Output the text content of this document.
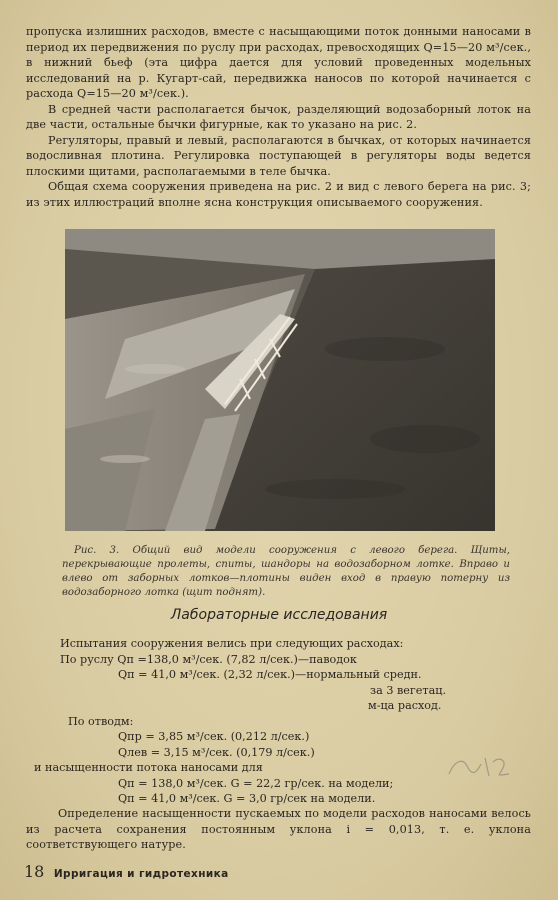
пропуска излишних расходов, вместе с насыщающими поток донными наносами в период их передвижения по руслу при расходах, превосходящих Q=15—20 м³/сек., в нижний бьеф (эта цифра дается для условий проведенных модельных исследований на р. Кугарт-сай, передвижка наносов по которой начинается с расхода Q=15—20 м³/сек.).

В средней части располагается бычок, разделяющий водозаборный лоток на две части, остальные бычки фигурные, как то указано на рис. 2.

Регуляторы, правый и левый, располагаются в бычках, от которых начинается водосливная плотина. Регулировка поступающей в регуляторы воды ведется плоскими щитами, располагаемыми в теле бычка.

Общая схема сооружения приведена на рис. 2 и вид с левого берега на рис. 3; из этих иллюстраций вполне ясна конструкция описываемого сооружения.

Рис. 3. Общий вид модели сооружения с левого берега. Щиты, перекрывающие пролеты, спиты, шандоры на водозаборном лотке. Вправо и влево от заборных лотков—плотины виден вход в правую потерну из водозаборного лотка (щит поднят).

Лабораторные исследования
Испытания сооружения велись при следующих расходах:
По руслу Qп =138,0 м³/сек. (7,82 л/сек.)—паводок
Qп = 41,0 м³/сек. (2,32 л/сек.)—нормальный средн.
за 3 вегетац.
м-ца расход.
По отводм:
Qпр = 3,85 м³/сек. (0,212 л/сек.)
Qлев = 3,15 м³/сек. (0,179 л/сек.)
и насыщенности потока наносами для
Qп = 138,0 м³/сек. G = 22,2 гр/сек. на модели;
Qп = 41,0 м³/сек. G = 3,0 гр/сек на модели.
Определение насыщенности пускаемых по модели расходов наносами велось из расчета сохранения постоянным уклона i = 0,013, т. е. уклона соответствующего натуре.
18 Ирригация и гидротехника
